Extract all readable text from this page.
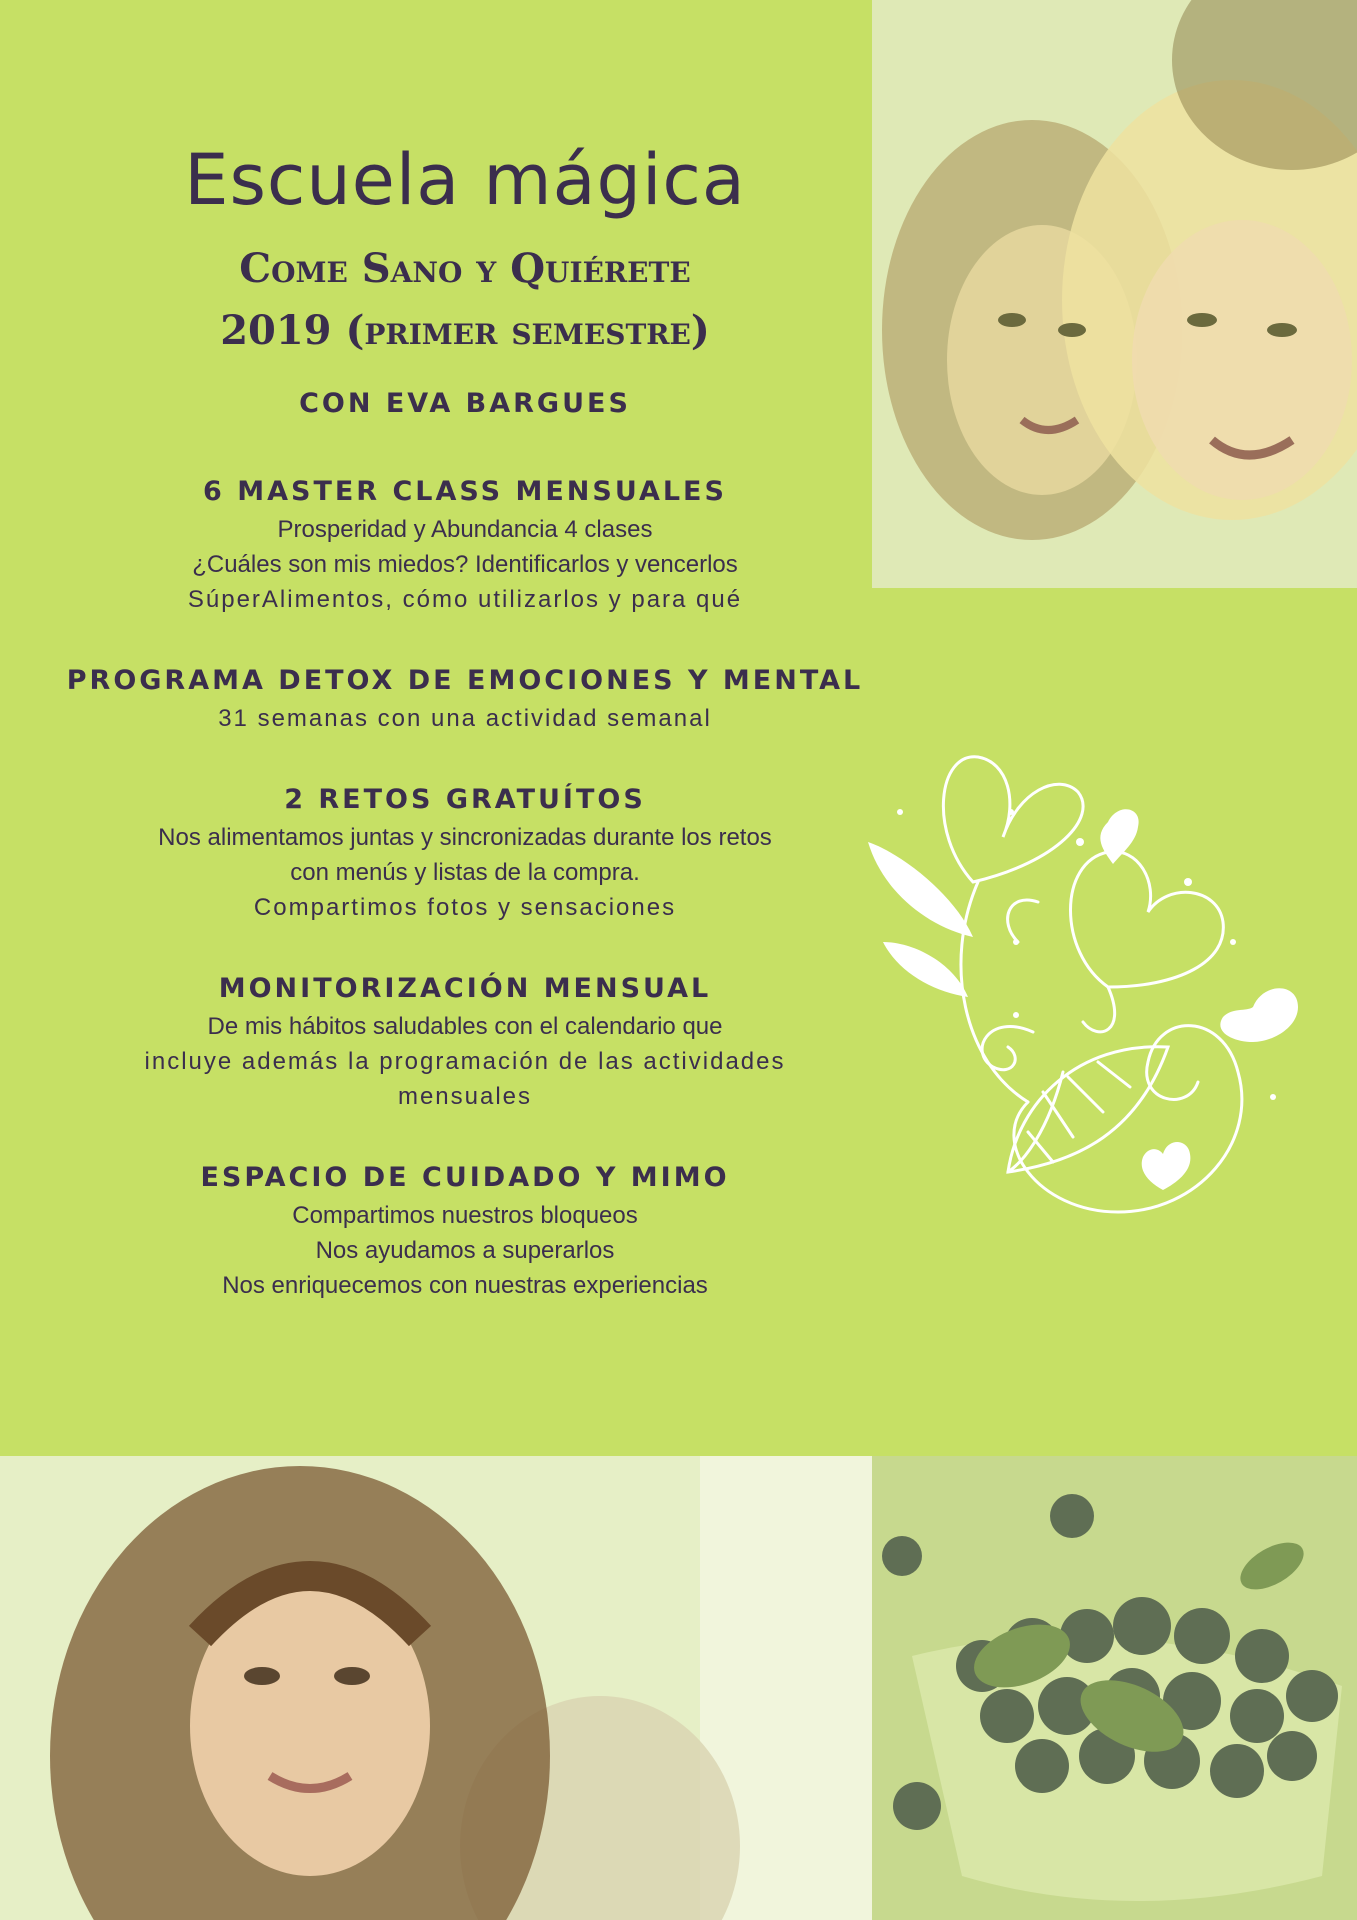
Escuela mágica
Come Sano y Quiérete
2019 (primer semestre)
CON EVA BARGUES
6 MASTER CLASS MENSUALES
Prosperidad y Abundancia 4 clases
¿Cuáles son mis miedos? Identificarlos y vencerlos
SúperAlimentos, cómo utilizarlos y para qué
PROGRAMA DETOX DE EMOCIONES Y MENTAL
31 semanas con una actividad semanal
2 RETOS GRATUÍTOS
Nos alimentamos juntas y sincronizadas durante los retos
con menús y listas de la compra.
Compartimos fotos y sensaciones
MONITORIZACIÓN MENSUAL
De mis hábitos saludables con el calendario que
incluye además la programación de las actividades
mensuales
ESPACIO DE CUIDADO Y MIMO
Compartimos nuestros bloqueos
Nos ayudamos a superarlos
Nos enriquecemos con nuestras experiencias
